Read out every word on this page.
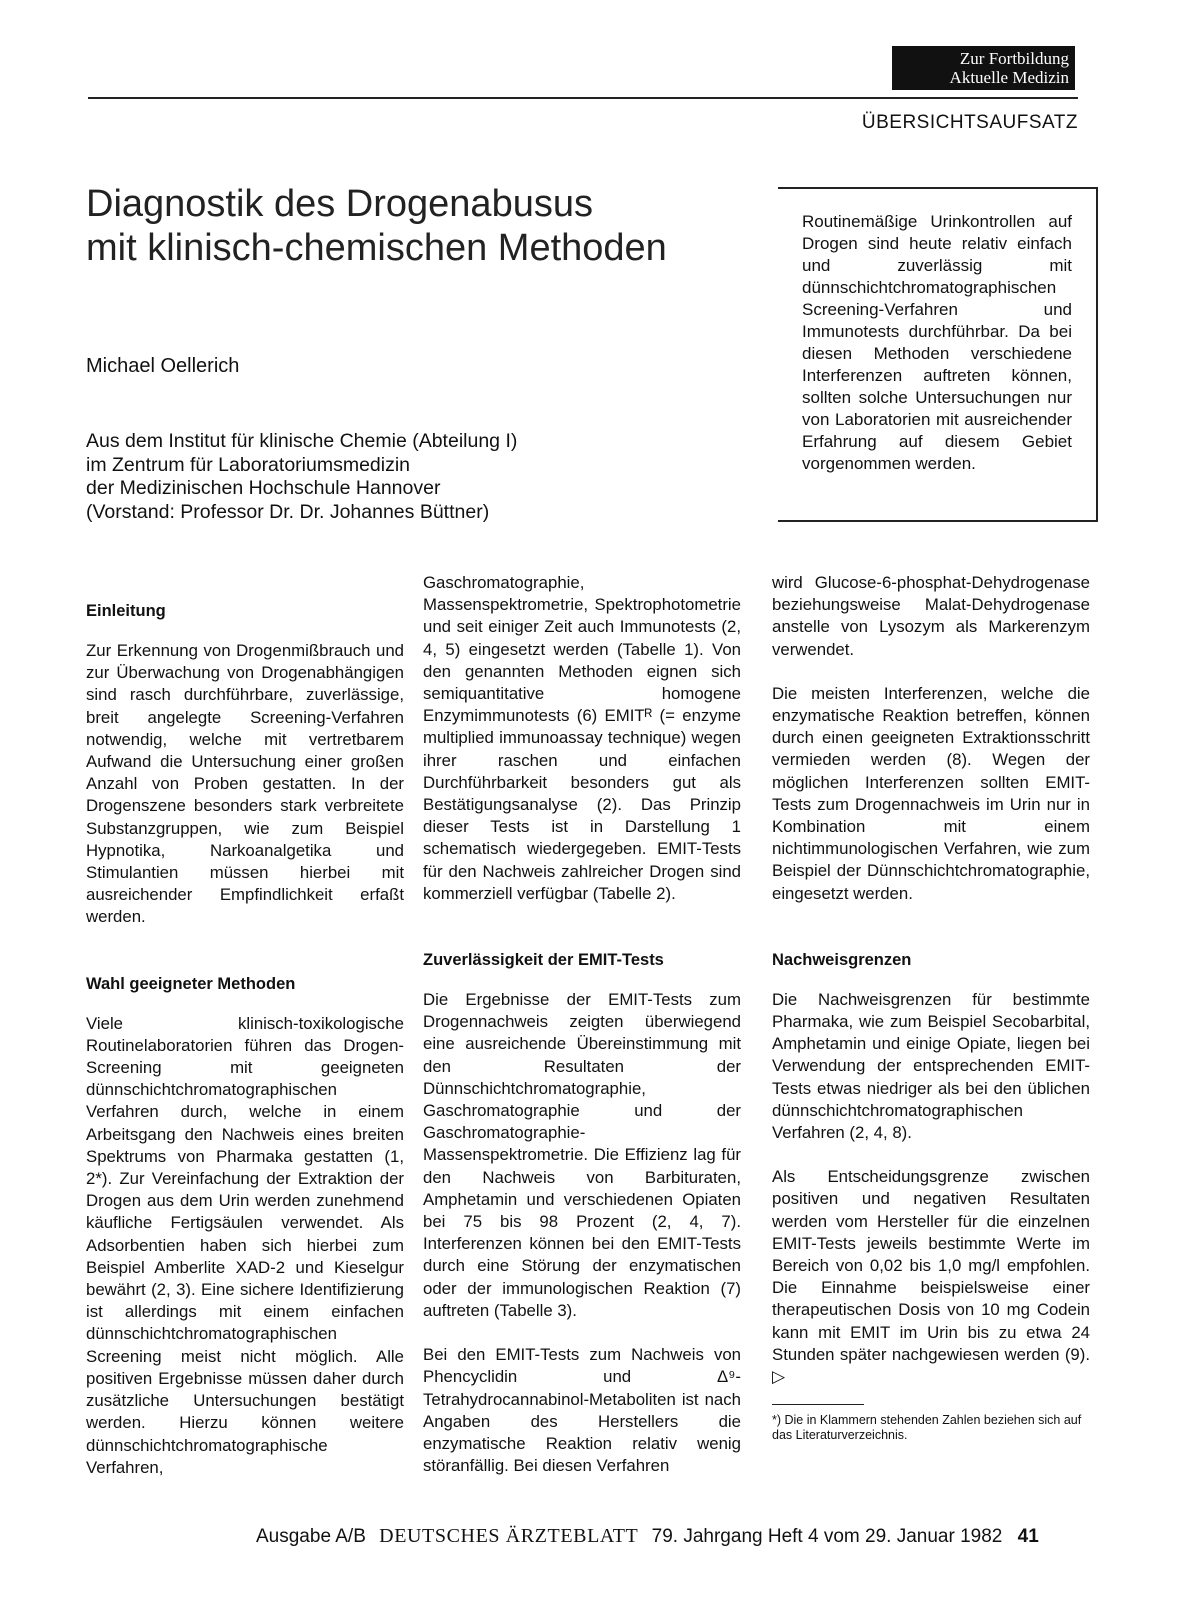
Zur Fortbildung
Aktuelle Medizin
ÜBERSICHTSAUFSATZ
Diagnostik des Drogenabusus
mit klinisch-chemischen Methoden
Michael Oellerich
Aus dem Institut für klinische Chemie (Abteilung I)
im Zentrum für Laboratoriumsmedizin
der Medizinischen Hochschule Hannover
(Vorstand: Professor Dr. Dr. Johannes Büttner)
Routinemäßige Urinkontrollen auf Drogen sind heute relativ einfach und zuverlässig mit dünnschichtchromatographischen Screening-Verfahren und Immunotests durchführbar. Da bei diesen Methoden verschiedene Interferenzen auftreten können, sollten solche Untersuchungen nur von Laboratorien mit ausreichender Erfahrung auf diesem Gebiet vorgenommen werden.
Einleitung

Zur Erkennung von Drogenmißbrauch und zur Überwachung von Drogenabhängigen sind rasch durchführbare, zuverlässige, breit angelegte Screening-Verfahren notwendig, welche mit vertretbarem Aufwand die Untersuchung einer großen Anzahl von Proben gestatten. In der Drogenszene besonders stark verbreitete Substanzgruppen, wie zum Beispiel Hypnotika, Narkoanalgetika und Stimulantien müssen hierbei mit ausreichender Empfindlichkeit erfaßt werden.

Wahl geeigneter Methoden

Viele klinisch-toxikologische Routinelaboratorien führen das Drogen-Screening mit geeigneten dünnschichtchromatographischen Verfahren durch, welche in einem Arbeitsgang den Nachweis eines breiten Spektrums von Pharmaka gestatten (1, 2*). Zur Vereinfachung der Extraktion der Drogen aus dem Urin werden zunehmend käufliche Fertigsäulen verwendet. Als Adsorbentien haben sich hierbei zum Beispiel Amberlite XAD-2 und Kieselgur bewährt (2, 3). Eine sichere Identifizierung ist allerdings mit einem einfachen dünnschichtchromatographischen Screening meist nicht möglich. Alle positiven Ergebnisse müssen daher durch zusätzliche Untersuchungen bestätigt werden. Hierzu können weitere dünnschichtchromatographische Verfahren,

Gaschromatographie, Massenspektrometrie, Spektrophotometrie und seit einiger Zeit auch Immunotests (2, 4, 5) eingesetzt werden (Tabelle 1). Von den genannten Methoden eignen sich semiquantitative homogene Enzymimmunotests (6) EMITᴿ (= enzyme multiplied immunoassay technique) wegen ihrer raschen und einfachen Durchführbarkeit besonders gut als Bestätigungsanalyse (2). Das Prinzip dieser Tests ist in Darstellung 1 schematisch wiedergegeben. EMIT-Tests für den Nachweis zahlreicher Drogen sind kommerziell verfügbar (Tabelle 2).

Zuverlässigkeit der EMIT-Tests

Die Ergebnisse der EMIT-Tests zum Drogennachweis zeigten überwiegend eine ausreichende Übereinstimmung mit den Resultaten der Dünnschichtchromatographie, Gaschromatographie und der Gaschromatographie-Massenspektrometrie. Die Effizienz lag für den Nachweis von Barbituraten, Amphetamin und verschiedenen Opiaten bei 75 bis 98 Prozent (2, 4, 7). Interferenzen können bei den EMIT-Tests durch eine Störung der enzymatischen oder der immunologischen Reaktion (7) auftreten (Tabelle 3).

Bei den EMIT-Tests zum Nachweis von Phencyclidin und Δ⁹-Tetrahydrocannabinol-Metaboliten ist nach Angaben des Herstellers die enzymatische Reaktion relativ wenig störanfällig. Bei diesen Verfahren

wird Glucose-6-phosphat-Dehydrogenase beziehungsweise Malat-Dehydrogenase anstelle von Lysozym als Markerenzym verwendet.

Die meisten Interferenzen, welche die enzymatische Reaktion betreffen, können durch einen geeigneten Extraktionsschritt vermieden werden (8). Wegen der möglichen Interferenzen sollten EMIT-Tests zum Drogennachweis im Urin nur in Kombination mit einem nichtimmunologischen Verfahren, wie zum Beispiel der Dünnschichtchromatographie, eingesetzt werden.

Nachweisgrenzen

Die Nachweisgrenzen für bestimmte Pharmaka, wie zum Beispiel Secobarbital, Amphetamin und einige Opiate, liegen bei Verwendung der entsprechenden EMIT-Tests etwas niedriger als bei den üblichen dünnschichtchromatographischen Verfahren (2, 4, 8).

Als Entscheidungsgrenze zwischen positiven und negativen Resultaten werden vom Hersteller für die einzelnen EMIT-Tests jeweils bestimmte Werte im Bereich von 0,02 bis 1,0 mg/l empfohlen. Die Einnahme beispielsweise einer therapeutischen Dosis von 10 mg Codein kann mit EMIT im Urin bis zu etwa 24 Stunden später nachgewiesen werden (9). ▷

*) Die in Klammern stehenden Zahlen beziehen sich auf das Literaturverzeichnis.
Ausgabe A/B DEUTSCHES ÄRZTEBLATT 79. Jahrgang Heft 4 vom 29. Januar 1982 41
